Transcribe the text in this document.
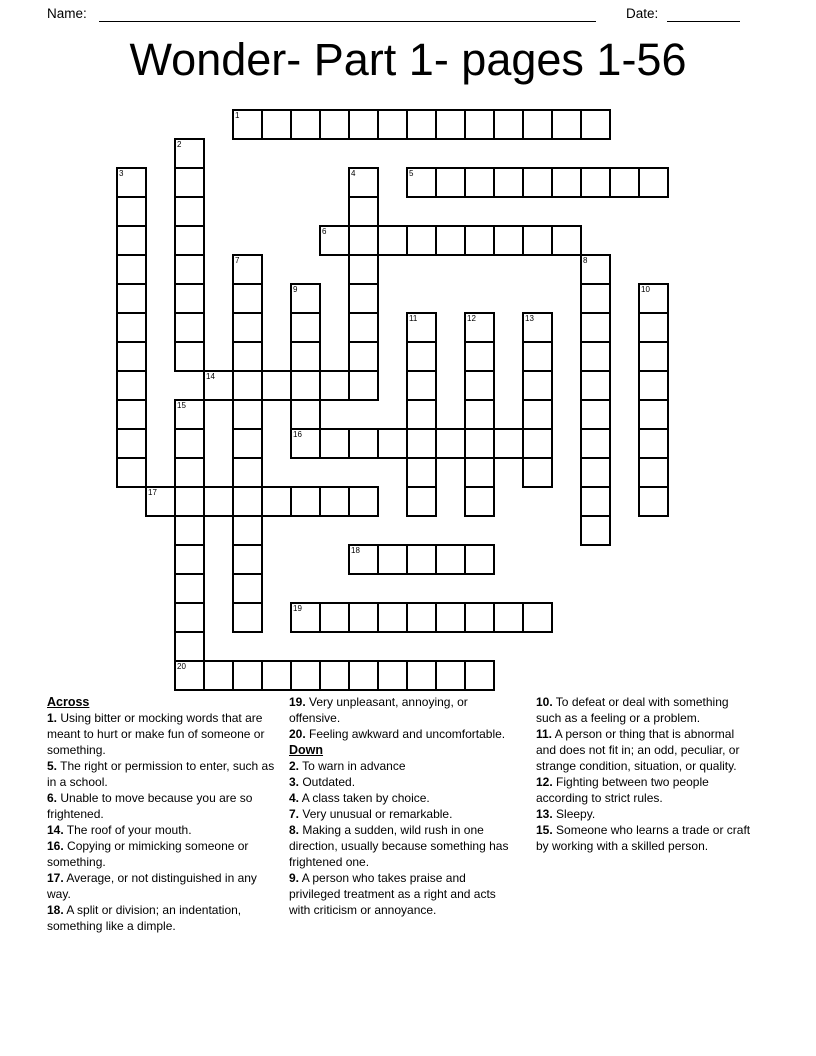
Name:	Date:
Wonder- Part 1- pages 1-56
1
5
6
14
16
17
18
19
20
2
3	4
7	8
9	10
11	12	13
15
Across
1. Using bitter or mocking words that are meant to hurt or make fun of someone or something.
5. The right or permission to enter, such as in a school.
6. Unable to move because you are so frightened.
14. The roof of your mouth.
16. Copying or mimicking someone or something.
17. Average, or not distinguished in any way.
18. A split or division; an indentation, something like a dimple.
19. Very unpleasant, annoying, or offensive.
20. Feeling awkward and uncomfortable.
Down
2. To warn in advance
3. Outdated.
4. A class taken by choice.
7. Very unusual or remarkable.
8. Making a sudden, wild rush in one direction, usually because something has frightened one.
9. A person who takes praise and privileged treatment as a right and acts with criticism or annoyance.
10. To defeat or deal with something such as a feeling or a problem.
11. A person or thing that is abnormal and does not fit in; an odd, peculiar, or strange condition, situation, or quality.
12. Fighting between two people according to strict rules.
13. Sleepy.
15. Someone who learns a trade or craft by working with a skilled person.
